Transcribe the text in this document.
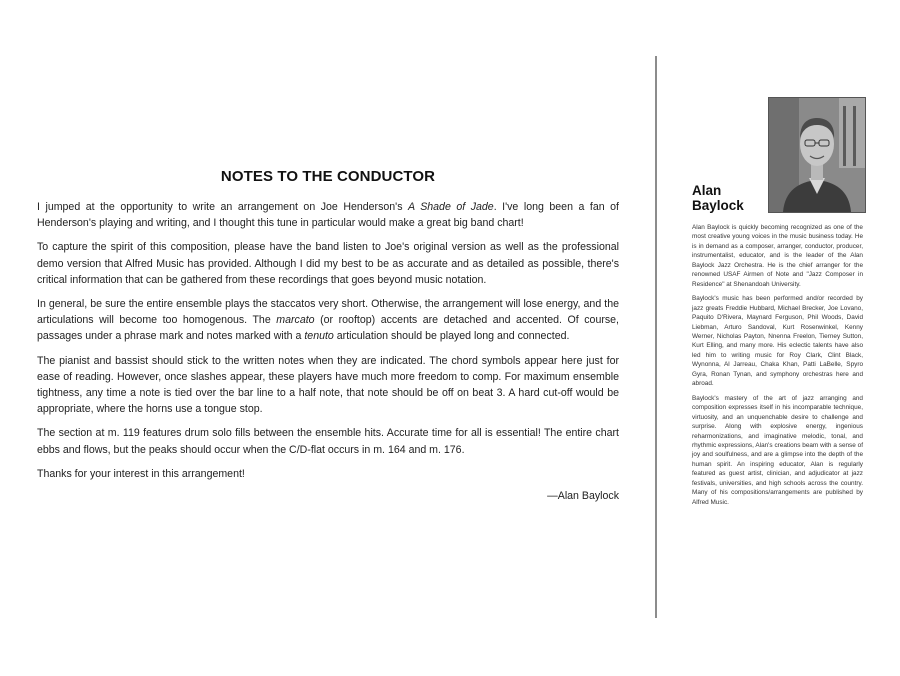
NOTES TO THE CONDUCTOR

I jumped at the opportunity to write an arrangement on Joe Henderson's A Shade of Jade. I've long been a fan of Henderson's playing and writing, and I thought this tune in particular would make a great big band chart!

To capture the spirit of this composition, please have the band listen to Joe's original version as well as the professional demo version that Alfred Music has provided. Although I did my best to be as accurate and as detailed as possible, there's critical information that can be gathered from these recordings that goes beyond music notation.

In general, be sure the entire ensemble plays the staccatos very short. Otherwise, the arrangement will lose energy, and the articulations will become too homogenous. The marcato (or rooftop) accents are detached and accented. Of course, passages under a phrase mark and notes marked with a tenuto articulation should be played long and connected.

The pianist and bassist should stick to the written notes when they are indicated. The chord symbols appear here just for ease of reading. However, once slashes appear, these players have much more freedom to comp. For maximum ensemble tightness, any time a note is tied over the bar line to a half note, that note should be off on beat 3. A hard cut-off would be appropriate, where the horns use a tongue stop.

The section at m. 119 features drum solo fills between the ensemble hits. Accurate time for all is essential! The entire chart ebbs and flows, but the peaks should occur when the C/D-flat occurs in m. 164 and m. 176.

Thanks for your interest in this arrangement!

—Alan Baylock
Alan
Baylock

Alan Baylock is quickly becoming recognized as one of the most creative young voices in the music business today. He is in demand as a composer, arranger, conductor, producer, instrumentalist, educator, and is the leader of the Alan Baylock Jazz Orchestra. He is the chief arranger for the renowned USAF Airmen of Note and "Jazz Composer in Residence" at Shenandoah University.

Baylock's music has been performed and/or recorded by jazz greats Freddie Hubbard, Michael Brecker, Joe Lovano, Paquito D'Rivera, Maynard Ferguson, Phil Woods, David Liebman, Arturo Sandoval, Kurt Rosenwinkel, Kenny Werner, Nicholas Payton, Nnenna Freelon, Tierney Sutton, Kurt Elling, and many more. His eclectic talents have also led him to writing music for Roy Clark, Clint Black, Wynonna, Al Jarreau, Chaka Khan, Patti LaBelle, Spyro Gyra, Ronan Tynan, and symphony orchestras here and abroad.

Baylock's mastery of the art of jazz arranging and composition expresses itself in his incomparable technique, virtuosity, and an unquenchable desire to challenge and surprise. Along with explosive energy, ingenious reharmonizations, and imaginative melodic, tonal, and rhythmic expressions, Alan's creations beam with a sense of joy and soulfulness, and are a glimpse into the depth of the human spirit. An inspiring educator, Alan is regularly featured as guest artist, clinician, and adjudicator at jazz festivals, universities, and high schools across the country. Many of his compositions/arrangements are published by Alfred Music.
